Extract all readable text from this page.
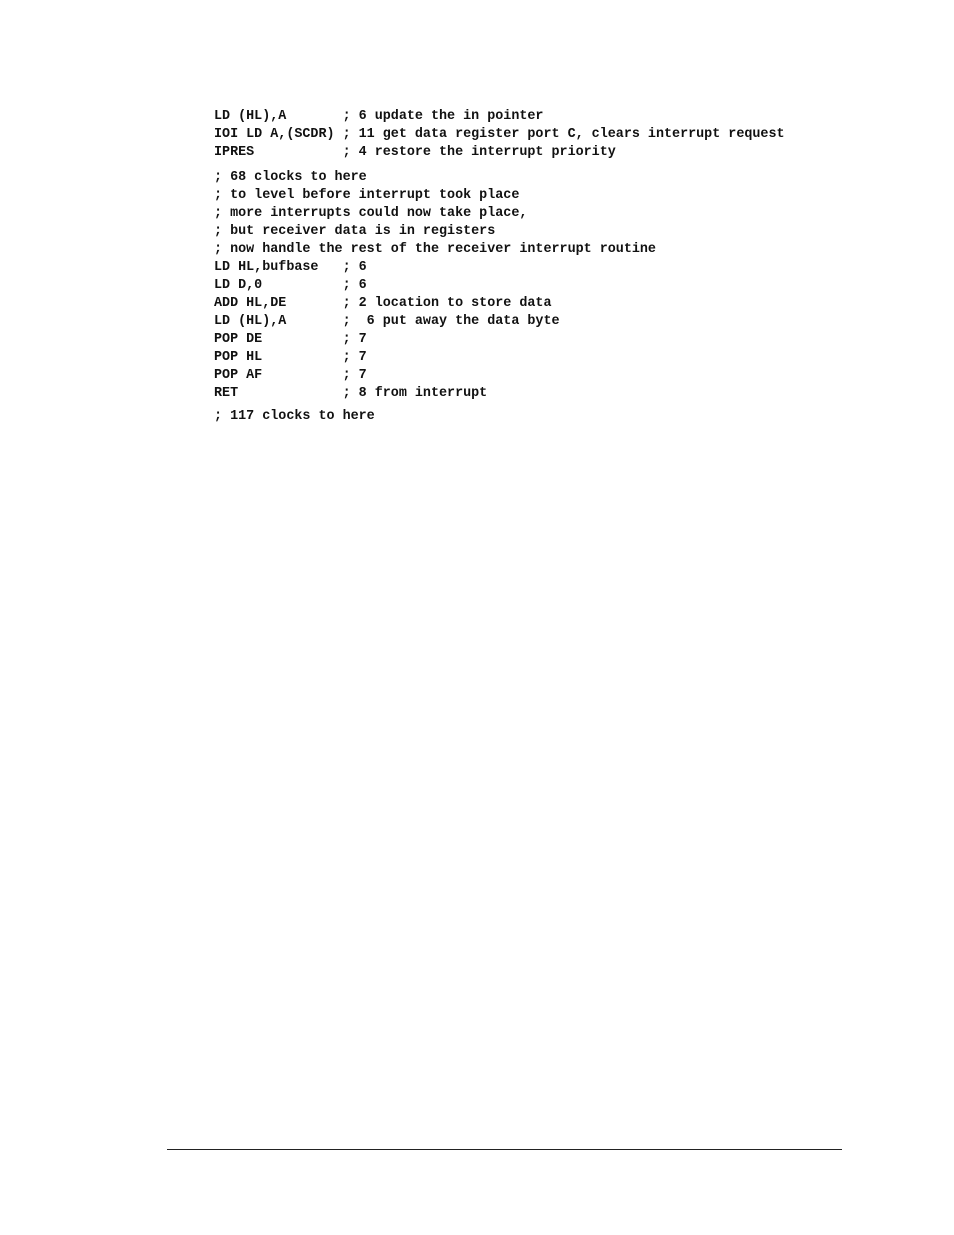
LD (HL),A       ; 6 update the in pointer
IOI LD A,(SCDR) ; 11 get data register port C, clears interrupt request
IPRES           ; 4 restore the interrupt priority
; 68 clocks to here
; to level before interrupt took place
; more interrupts could now take place,
; but receiver data is in registers
; now handle the rest of the receiver interrupt routine
LD HL,bufbase   ; 6
LD D,0          ; 6
ADD HL,DE       ; 2 location to store data
LD (HL),A       ;  6 put away the data byte
POP DE          ; 7
POP HL          ; 7
POP AF          ; 7
RET             ; 8 from interrupt
; 117 clocks to here
